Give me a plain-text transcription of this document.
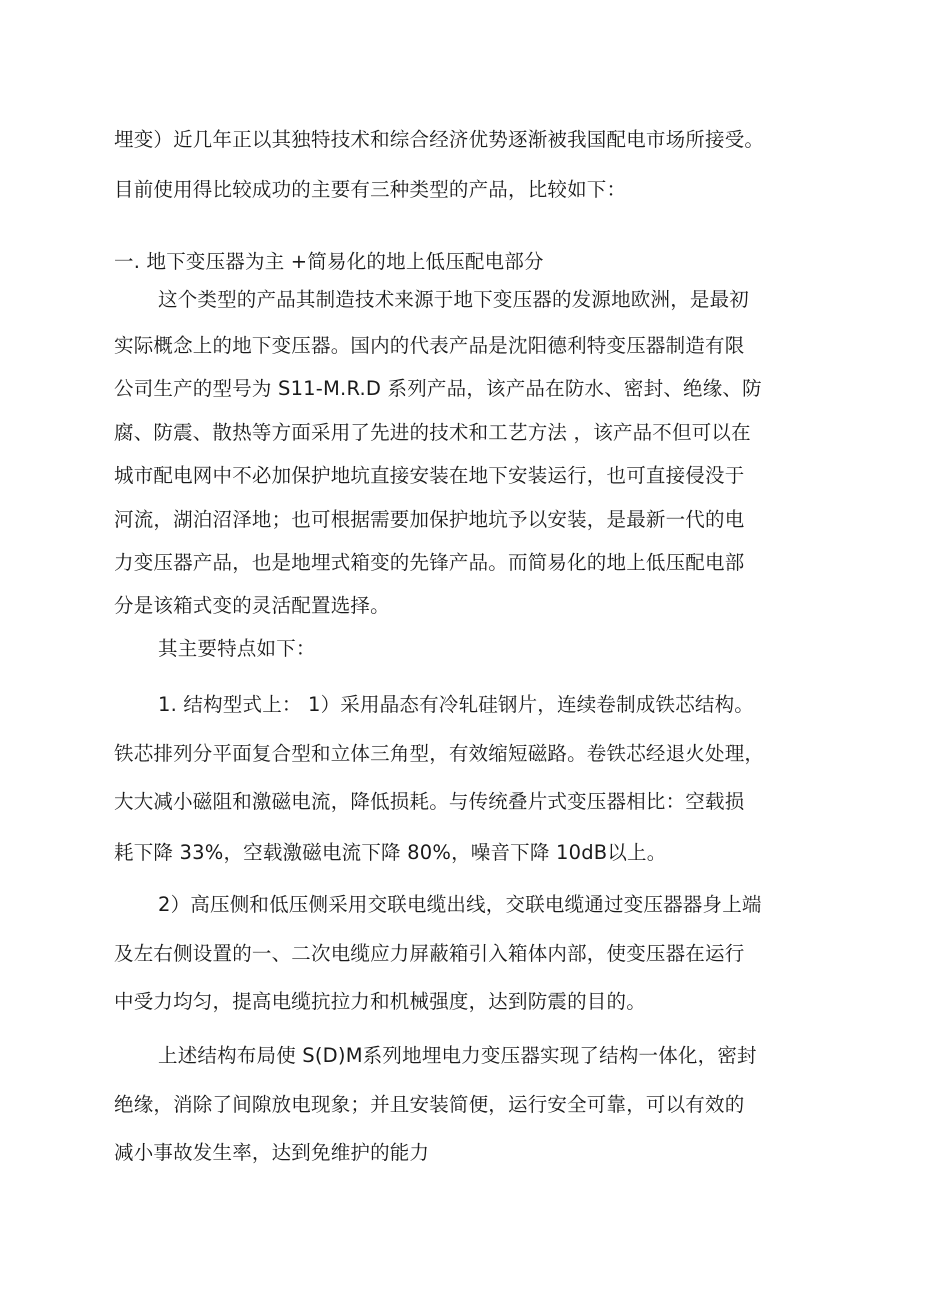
埋变）近几年正以其独特技术和综合经济优势逐渐被我国配电市场所接受。
目前使用得比较成功的主要有三种类型的产品，比较如下：
一. 地下变压器为主 +简易化的地上低压配电部分
这个类型的产品其制造技术来源于地下变压器的发源地欧洲，是最初
实际概念上的地下变压器。国内的代表产品是沈阳德利特变压器制造有限
公司生产的型号为 S11-M.R.D 系列产品，该产品在防水、密封、绝缘、防
腐、防震、散热等方面采用了先进的技术和工艺方法 ，该产品不但可以在
城市配电网中不必加保护地坑直接安装在地下安装运行，也可直接侵没于
河流，湖泊沼泽地；也可根据需要加保护地坑予以安装，是最新一代的电
力变压器产品，也是地埋式箱变的先锋产品。而简易化的地上低压配电部
分是该箱式变的灵活配置选择。
其主要特点如下：
1. 结构型式上： 1）采用晶态有冷轧硅钢片，连续卷制成铁芯结构。
铁芯排列分平面复合型和立体三角型，有效缩短磁路。卷铁芯经退火处理，
大大减小磁阻和激磁电流，降低损耗。与传统叠片式变压器相比：空载损
耗下降 33%，空载激磁电流下降 80%，噪音下降 10dB以上。
2）高压侧和低压侧采用交联电缆出线，交联电缆通过变压器器身上端
及左右侧设置的一、二次电缆应力屏蔽箱引入箱体内部，使变压器在运行
中受力均匀，提高电缆抗拉力和机械强度，达到防震的目的。
上述结构布局使 S(D)M系列地埋电力变压器实现了结构一体化，密封
绝缘，消除了间隙放电现象；并且安装简便，运行安全可靠，可以有效的
减小事故发生率，达到免维护的能力
